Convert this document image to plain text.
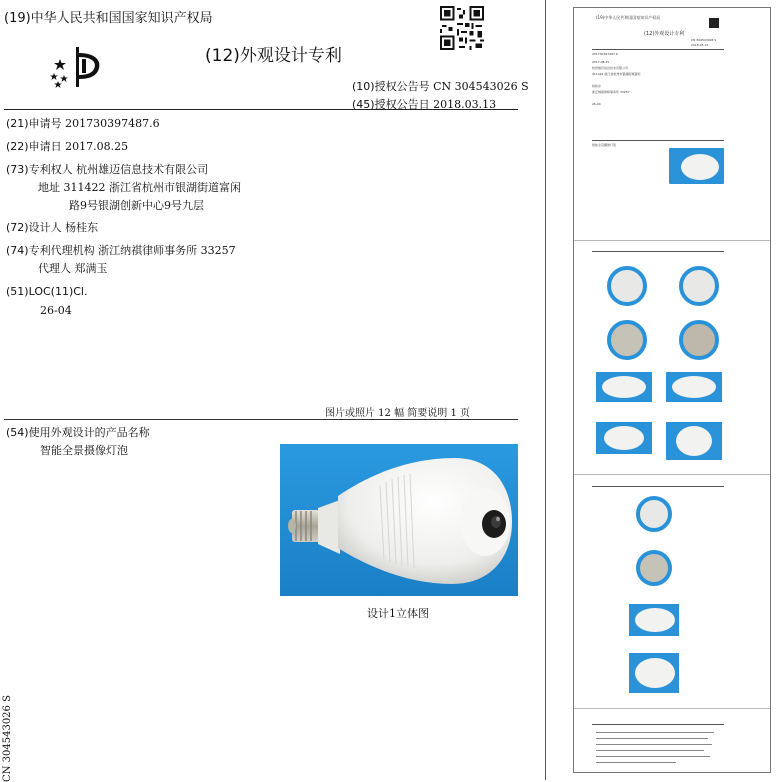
(19)中华人民共和国国家知识产权局
(12)外观设计专利
(10)授权公告号 CN 304543026 S
(45)授权公告日 2018.03.13
(21)申请号 201730397487.6
(22)申请日 2017.08.25
(73)专利权人 杭州雄迈信息技术有限公司
地址 311422 浙江省杭州市银湖街道富闲
路9号银湖创新中心9号九层
(72)设计人 杨桂东
(74)专利代理机构 浙江纳祺律师事务所 33257
代理人 郑满玉
(51)LOC(11)Cl.
26-04
图片或照片 12 幅 简要说明 1 页
(54)使用外观设计的产品名称
智能全景摄像灯泡
设计1立体图
CN 304543026 S
(19)中华人民共和国国家知识产权局
(12)外观设计专利
CN 304543026 S
2018.03.13
201730397487.6
2017.08.25
杭州雄迈信息技术有限公司
311422 浙江省杭州市银湖街道富闲
杨桂东
浙江纳祺律师事务所 33257
26-04
智能全景摄像灯泡
